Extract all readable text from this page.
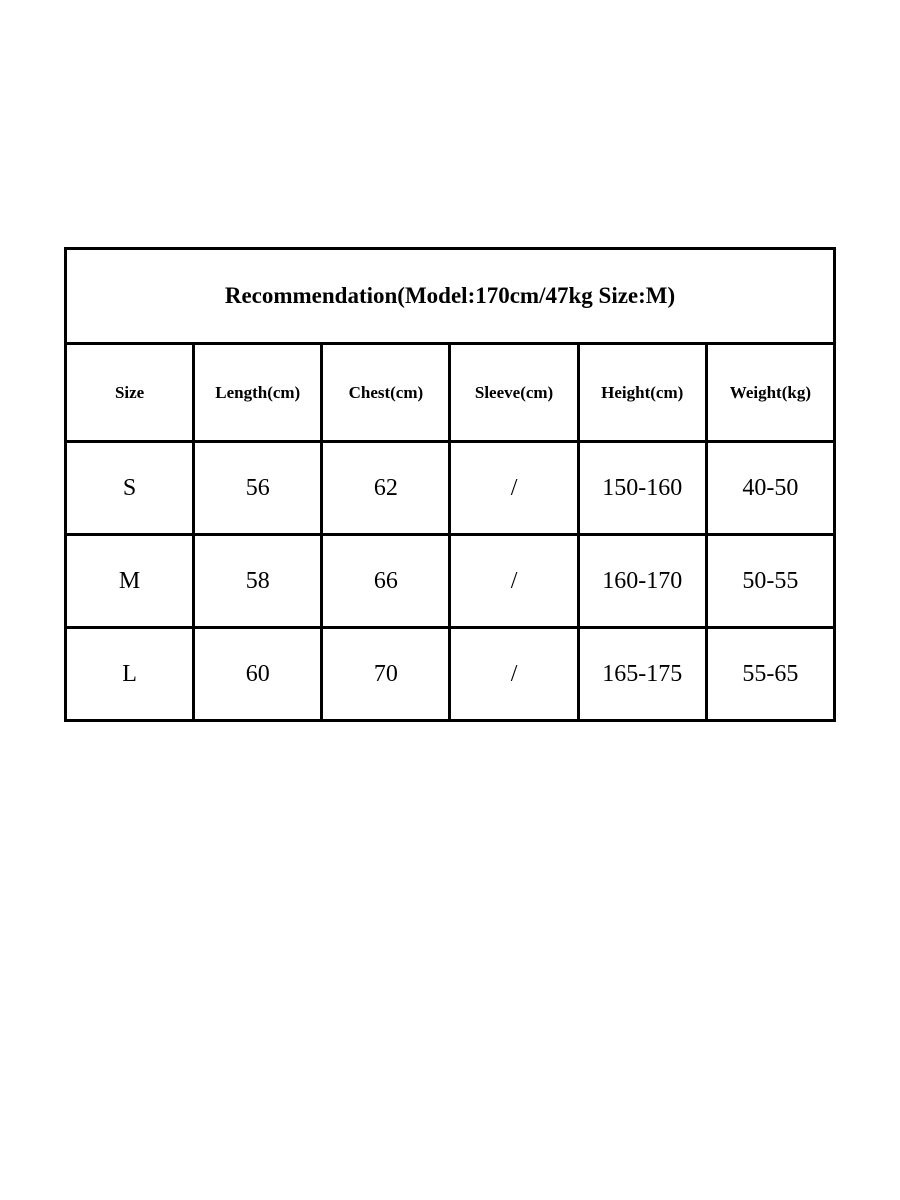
Recommendation(Model:170cm/47kg Size:M)					
Size	Length(cm)	Chest(cm)	Sleeve(cm)	Height(cm)	Weight(kg)
S	56	62	/	150-160	40-50
M	58	66	/	160-170	50-55
L	60	70	/	165-175	55-65
